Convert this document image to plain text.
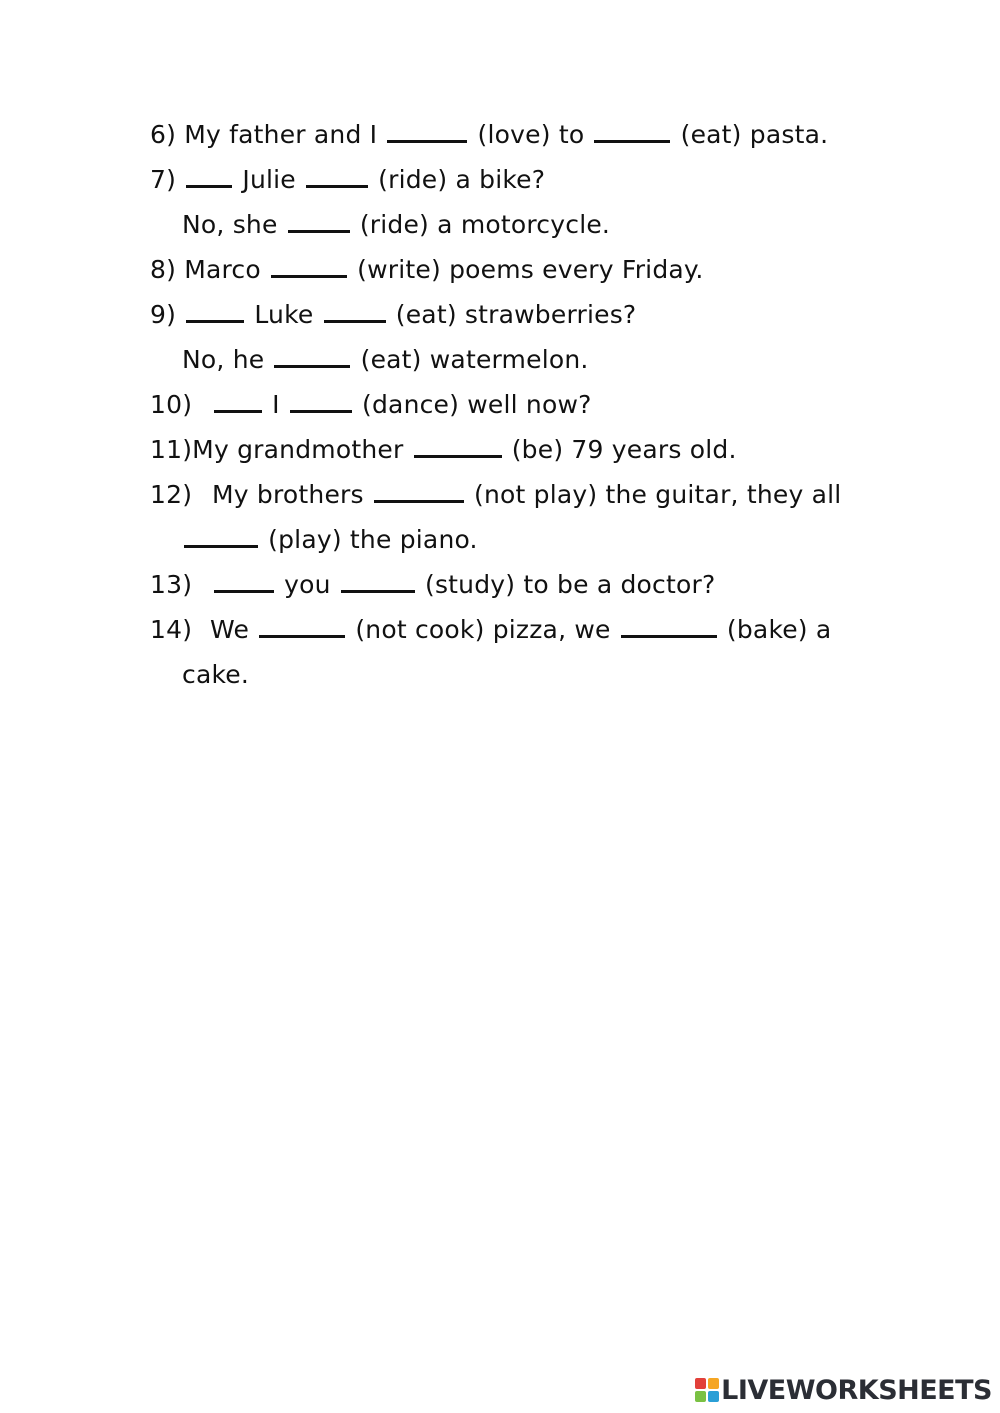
6) My father and I	(love) to	(eat) pasta.
7)  Julie	(ride) a bike?
No, she	(ride) a motorcycle.
8) Marco	(write) poems every Friday.
9)	Luke	(eat) strawberries?
No, he	(eat) watermelon.
10)	I	(dance) well now?
11)My grandmother	(be) 79 years old.
12) My brothers	(not play) the guitar, they all
(play) the piano.
13)	you	(study) to be a doctor?
14) We	(not cook) pizza, we	(bake) a
cake.
LIVEWORKSHEETS
